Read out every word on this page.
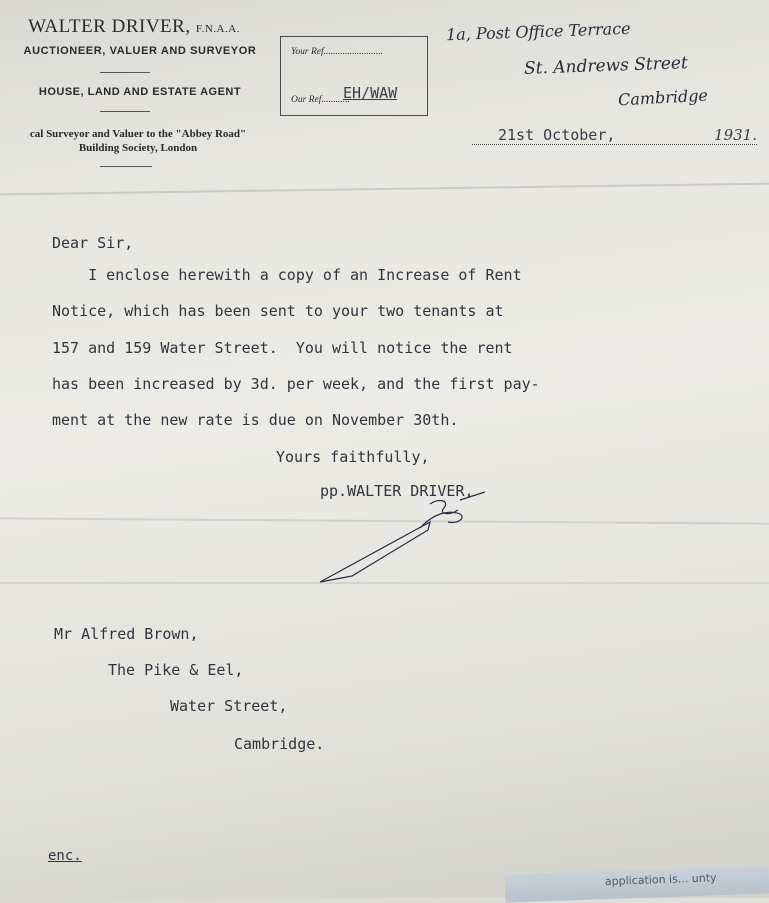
WALTER DRIVER, F.N.A.A.
AUCTIONEER, VALUER AND SURVEYOR
HOUSE, LAND AND ESTATE AGENT
cal Surveyor and Valuer to the "Abbey Road"
Building Society, London
Your Ref.........................
Our Ref............
EH/WAW
1a, Post Office Terrace
St. Andrews Street
Cambridge
21st October,	1931.
Dear Sir,
I enclose herewith a copy of an Increase of Rent
Notice, which has been sent to your two tenants at
157 and 159 Water Street.  You will notice the rent
has been increased by 3d. per week, and the first pay-
ment at the new rate is due on November 30th.
Yours faithfully,
pp.WALTER DRIVER,
Mr Alfred Brown,
The Pike & Eel,
Water Street,
Cambridge.
enc.
application is... unty
